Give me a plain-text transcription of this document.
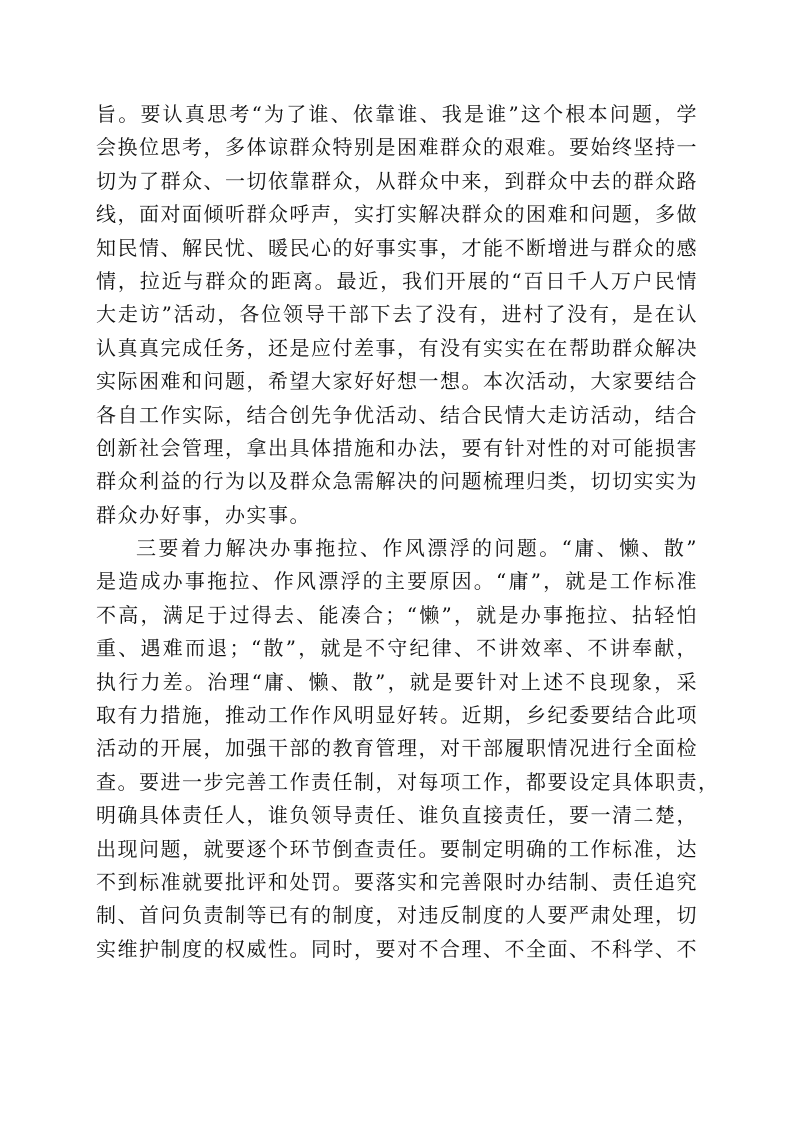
旨。要认真思考“为了谁、依靠谁、我是谁”这个根本问题，学
会换位思考，多体谅群众特别是困难群众的艰难。要始终坚持一
切为了群众、一切依靠群众，从群众中来，到群众中去的群众路
线，面对面倾听群众呼声，实打实解决群众的困难和问题，多做
知民情、解民忧、暖民心的好事实事，才能不断增进与群众的感
情，拉近与群众的距离。最近，我们开展的“百日千人万户民情
大走访”活动，各位领导干部下去了没有，进村了没有，是在认
认真真完成任务，还是应付差事，有没有实实在在帮助群众解决
实际困难和问题，希望大家好好想一想。本次活动，大家要结合
各自工作实际，结合创先争优活动、结合民情大走访活动，结合
创新社会管理，拿出具体措施和办法，要有针对性的对可能损害
群众利益的行为以及群众急需解决的问题梳理归类，切切实实为
群众办好事，办实事。
三要着力解决办事拖拉、作风漂浮的问题。“庸、懒、散”
是造成办事拖拉、作风漂浮的主要原因。“庸”，就是工作标准
不高，满足于过得去、能凑合；“懒”，就是办事拖拉、拈轻怕
重、遇难而退；“散”，就是不守纪律、不讲效率、不讲奉献，
执行力差。治理“庸、懒、散”，就是要针对上述不良现象，采
取有力措施，推动工作作风明显好转。近期，乡纪委要结合此项
活动的开展，加强干部的教育管理，对干部履职情况进行全面检
查。要进一步完善工作责任制，对每项工作，都要设定具体职责，
明确具体责任人，谁负领导责任、谁负直接责任，要一清二楚，
出现问题，就要逐个环节倒查责任。要制定明确的工作标准，达
不到标准就要批评和处罚。要落实和完善限时办结制、责任追究
制、首问负责制等已有的制度，对违反制度的人要严肃处理，切
实维护制度的权威性。同时，要对不合理、不全面、不科学、不
